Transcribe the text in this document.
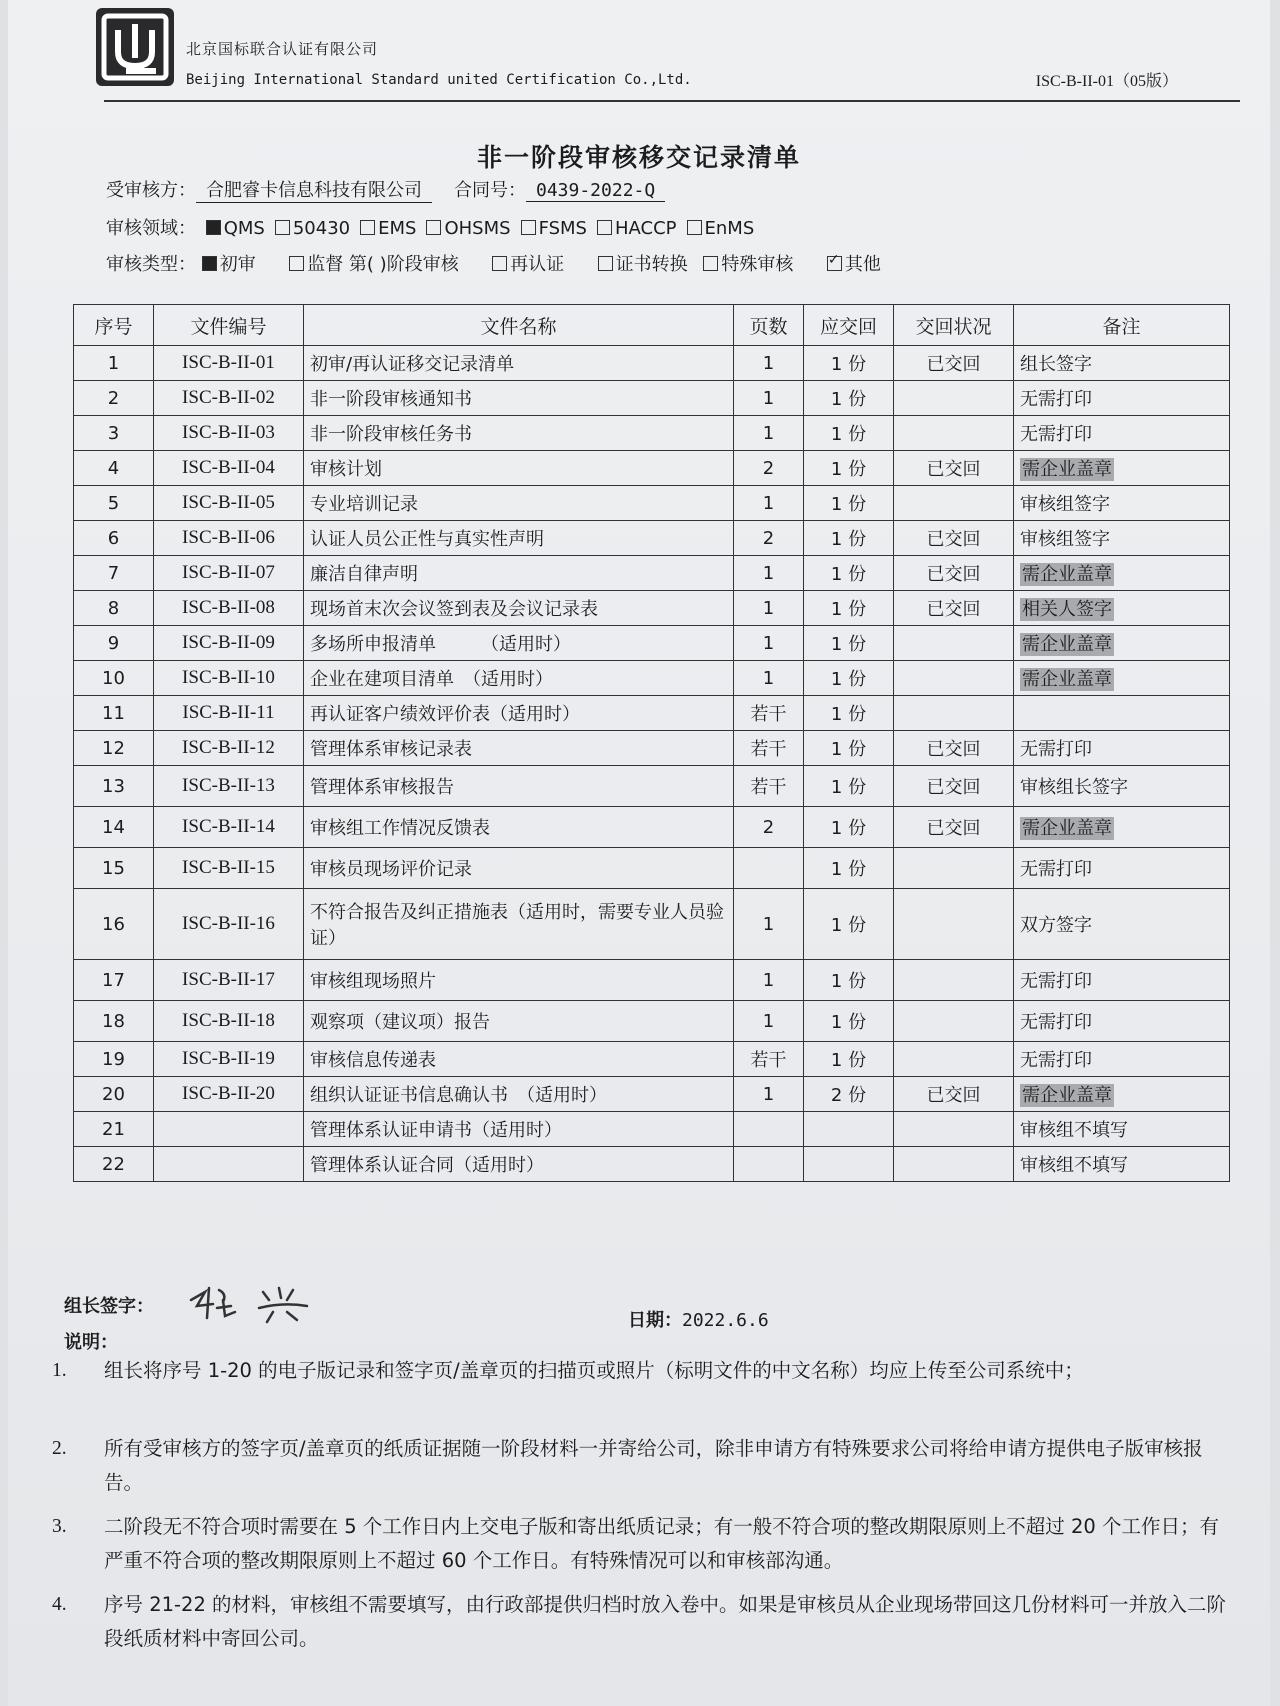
北京国标联合认证有限公司
Beijing International Standard united Certification Co.,Ltd.	ISC-B-II-01（05版）
非一阶段审核移交记录清单
受审核方： 合肥睿卡信息科技有限公司 合同号： 0439-2022-Q
审核领域： QMS 50430 EMS OHSMS FSMS HACCP EnMS
审核类型： 初审	监督 第( )阶段审核	再认证	证书转换 特殊审核 ✓	其他
序号	文件编号	文件名称	页数	应交回	交回状况	备注
1	ISC-B-II-01	初审/再认证移交记录清单	1	1 份	已交回	组长签字
2	ISC-B-II-02	非一阶段审核通知书	1	1 份		无需打印
3	ISC-B-II-03	非一阶段审核任务书	1	1 份		无需打印
4	ISC-B-II-04	审核计划	2	1 份	已交回	需企业盖章
5	ISC-B-II-05	专业培训记录	1	1 份		审核组签字
6	ISC-B-II-06	认证人员公正性与真实性声明	2	1 份	已交回	审核组签字
7	ISC-B-II-07	廉洁自律声明	1	1 份	已交回	需企业盖章
8	ISC-B-II-08	现场首末次会议签到表及会议记录表	1	1 份	已交回	相关人签字
9	ISC-B-II-09	多场所申报清单　　　（适用时）	1	1 份		需企业盖章
10	ISC-B-II-10	企业在建项目清单　（适用时）	1	1 份		需企业盖章
11	ISC-B-II-11	再认证客户绩效评价表（适用时）	若干	1 份		
12	ISC-B-II-12	管理体系审核记录表	若干	1 份	已交回	无需打印
13	ISC-B-II-13	管理体系审核报告	若干	1 份	已交回	审核组长签字
14	ISC-B-II-14	审核组工作情况反馈表	2	1 份	已交回	需企业盖章
15	ISC-B-II-15	审核员现场评价记录		1 份		无需打印
16	ISC-B-II-16	不符合报告及纠正措施表（适用时，需要专业人员验证）	1	1 份		双方签字
17	ISC-B-II-17	审核组现场照片	1	1 份		无需打印
18	ISC-B-II-18	观察项（建议项）报告	1	1 份		无需打印
19	ISC-B-II-19	审核信息传递表	若干	1 份		无需打印
20	ISC-B-II-20	组织认证证书信息确认书　（适用时）	1	2 份	已交回	需企业盖章
21		管理体系认证申请书（适用时）				审核组不填写
22		管理体系认证合同（适用时）				审核组不填写
组长签字：
日期：2022.6.6
说明：
1.	组长将序号 1-20 的电子版记录和签字页/盖章页的扫描页或照片（标明文件的中文名称）均应上传至公司系统中；
2.	所有受审核方的签字页/盖章页的纸质证据随一阶段材料一并寄给公司，除非申请方有特殊要求公司将给申请方提供电子版审核报告。
3.	二阶段无不符合项时需要在 5 个工作日内上交电子版和寄出纸质记录；有一般不符合项的整改期限原则上不超过 20 个工作日；有严重不符合项的整改期限原则上不超过 60 个工作日。有特殊情况可以和审核部沟通。
4.	序号 21-22 的材料，审核组不需要填写，由行政部提供归档时放入卷中。如果是审核员从企业现场带回这几份材料可一并放入二阶段纸质材料中寄回公司。
